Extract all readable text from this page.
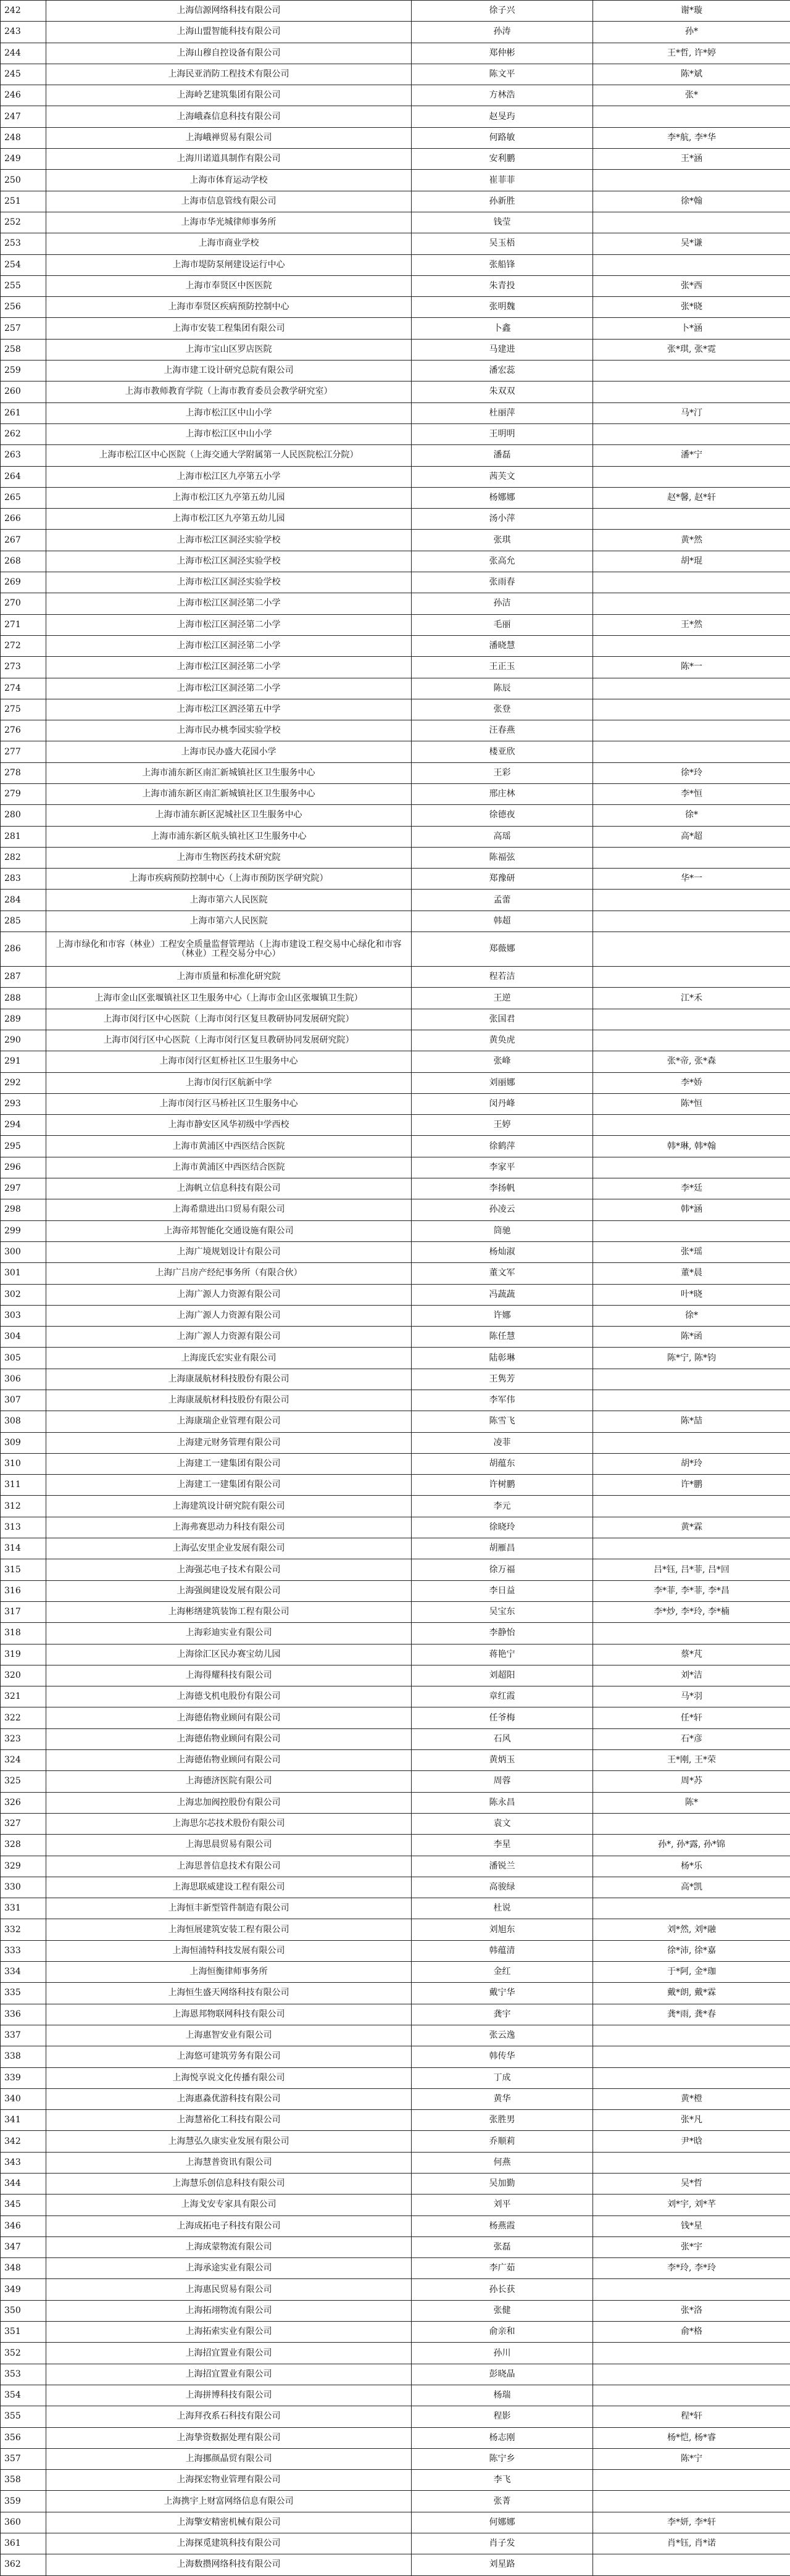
242	上海信源网络科技有限公司	徐子兴	谢*璇
243	上海山盟智能科技有限公司	孙涛	孙*
244	上海山穆自控设备有限公司	郑仲彬	王*哲, 许*婷
245	上海民亚消防工程技术有限公司	陈文平	陈*斌
246	上海岭艺建筑集团有限公司	方林浩	张*
247	上海峨森信息科技有限公司	赵旻玙	
248	上海峨禅贸易有限公司	何路敏	李*航, 李*华
249	上海川诺道具制作有限公司	安利鹏	王*涵
250	上海市体育运动学校	崔菲菲	
251	上海市信息管线有限公司	孙新胜	徐*翰
252	上海市华光城律师事务所	钱莹	
253	上海市商业学校	吴玉梧	吴*谦
254	上海市堤防泵闸建设运行中心	张船锋	
255	上海市奉贤区中医医院	朱青投	张*西
256	上海市奉贤区疾病预防控制中心	张明魏	张*晓
257	上海市安装工程集团有限公司	卜鑫	卜*涵
258	上海市宝山区罗店医院	马建进	张*琪, 张*霓
259	上海市建工设计研究总院有限公司	潘宏蕊	
260	上海市教师教育学院（上海市教育委员会教学研究室）	朱双双	
261	上海市松江区中山小学	杜丽萍	马*汀
262	上海市松江区中山小学	王明明	
263	上海市松江区中心医院（上海交通大学附属第一人民医院松江分院）	潘磊	潘*宁
264	上海市松江区九亭第五小学	茜芙文	
265	上海市松江区九亭第五幼儿园	杨娜娜	赵*馨, 赵*轩
266	上海市松江区九亭第五幼儿园	汤小萍	
267	上海市松江区洞泾实验学校	张琪	黄*然
268	上海市松江区洞泾实验学校	张高允	胡*琨
269	上海市松江区洞泾实验学校	张雨春	
270	上海市松江区洞泾第二小学	孙洁	
271	上海市松江区洞泾第二小学	毛丽	王*然
272	上海市松江区洞泾第二小学	潘晓慧	
273	上海市松江区洞泾第二小学	王正玉	陈*一
274	上海市松江区洞泾第二小学	陈辰	
275	上海市松江区泗泾第五中学	张登	
276	上海市民办桃李园实验学校	汪春燕	
277	上海市民办盛大花园小学	楼亚欣	
278	上海市浦东新区南汇新城镇社区卫生服务中心	王彩	徐*玲
279	上海市浦东新区南汇新城镇社区卫生服务中心	邢庄林	李*恒
280	上海市浦东新区泥城社区卫生服务中心	徐德夜	徐*
281	上海市浦东新区航头镇社区卫生服务中心	高瑶	高*超
282	上海市生物医药技术研究院	陈福弦	
283	上海市疾病预防控制中心（上海市预防医学研究院）	郑豫研	华*一
284	上海市第六人民医院	孟蕾	
285	上海市第六人民医院	韩超	
286	上海市绿化和市容（林业）工程安全质量监督管理站（上海市建设工程交易中心绿化和市容（林业）工程交易分中心）	郑薇娜	
287	上海市质量和标准化研究院	程若洁	
288	上海市金山区张堰镇社区卫生服务中心（上海市金山区张堰镇卫生院）	王逆	江*禾
289	上海市闵行区中心医院（上海市闵行区复旦教研协同发展研究院）	张国君	
290	上海市闵行区中心医院（上海市闵行区复旦教研协同发展研究院）	黄奂虎	
291	上海市闵行区虹桥社区卫生服务中心	张峰	张*帝, 张*森
292	上海市闵行区航新中学	刘丽娜	李*娇
293	上海市闵行区马桥社区卫生服务中心	闵丹峰	陈*恒
294	上海市静安区风华初级中学西校	王婷	
295	上海市黄浦区中西医结合医院	徐鹤萍	韩*琳, 韩*翰
296	上海市黄浦区中西医结合医院	李家平	
297	上海帆立信息科技有限公司	李扬帆	李*廷
298	上海希鼎进出口贸易有限公司	孙凌云	韩*涵
299	上海帝邦智能化交通设施有限公司	筒驰	
300	上海广境规划设计有限公司	杨灿淑	张*瑶
301	上海广吕房产经纪事务所（有限合伙）	董文军	董*晨
302	上海广源人力资源有限公司	冯蔬蔬	叶*晓
303	上海广源人力资源有限公司	许娜	徐*
304	上海广源人力资源有限公司	陈任慧	陈*函
305	上海庞氏宏实业有限公司	陆彰琳	陈*宁, 陈*钧
306	上海康晟航材科技股份有限公司	王隽芳	
307	上海康晟航材科技股份有限公司	李军伟	
308	上海康瑞企业管理有限公司	陈雪飞	陈*喆
309	上海建元财务管理有限公司	凌菲	
310	上海建工一建集团有限公司	胡蕴东	胡*玲
311	上海建工一建集团有限公司	许树鹏	许*鹏
312	上海建筑设计研究院有限公司	李元	
313	上海弗赛思动力科技有限公司	徐晓玲	黄*霖
314	上海弘安里企业发展有限公司	胡雁昌	
315	上海强芯电子技术有限公司	徐万福	吕*钰, 吕*菲, 吕*回
316	上海强闽建设发展有限公司	李日益	李*菲, 李*菲, 李*昌
317	上海彬缮建筑装饰工程有限公司	吴宝东	李*炒, 李*玲, 李*楠
318	上海彩迪实业有限公司	李静怡	
319	上海徐汇区民办赛宝幼儿园	蒋艳宁	蔡*芃
320	上海得耀科技有限公司	刘超阳	刘*洁
321	上海德戈机电股份有限公司	章红霞	马*羽
322	上海德佑物业顾问有限公司	任爷梅	任*轩
323	上海德佑物业顾问有限公司	石风	石*彦
324	上海德佑物业顾问有限公司	黄炳玉	王*刚, 王*荣
325	上海德济医院有限公司	周蓉	周*苏
326	上海忠加阀控股份有限公司	陈永昌	陈*
327	上海思尔芯技术股份有限公司	袁文	
328	上海思晨贸易有限公司	李星	孙*, 孙*露, 孙*锦
329	上海思普信息技术有限公司	潘锐兰	杨*乐
330	上海思联威建设工程有限公司	高骏绿	高*凯
331	上海恒丰新型管件制造有限公司	杜说	
332	上海恒展建筑安装工程有限公司	刘旭东	刘*然, 刘*融
333	上海恒浦特科技发展有限公司	韩蕴清	徐*沛, 徐*嘉
334	上海恒衡律师事务所	金红	于*阿, 金*珈
335	上海恒生盛天网络科技有限公司	戴宁华	戴*朗, 戴*霖
336	上海恩邦物联网科技有限公司	龚宇	龚*雨, 龚*春
337	上海惠智安业有限公司	张云逸	
338	上海悠可建筑劳务有限公司	韩传华	
339	上海悦享说文化传播有限公司	丁成	
340	上海惠淼优游科技有限公司	黄华	黄*橙
341	上海慧裕化工科技有限公司	张胜男	张*凡
342	上海慧弘久康实业发展有限公司	乔顺莉	尹*晗
343	上海慧普资讯有限公司	何燕	
344	上海慧乐创信息科技有限公司	吴加勤	吴*哲
345	上海戈安专家具有限公司	刘平	刘*宇, 刘*芊
346	上海成拓电子科技有限公司	杨燕霞	钱*星
347	上海成蒙物流有限公司	张磊	张*宇
348	上海承途实业有限公司	李广茹	李*玲, 李*玲
349	上海惠民贸易有限公司	孙长获	
350	上海拓翊物流有限公司	张健	张*洛
351	上海拓索实业有限公司	俞亲和	俞*格
352	上海招宜置业有限公司	孙川	
353	上海招宜置业有限公司	彭晓晶	
354	上海拼博科技有限公司	杨瑞	
355	上海拜孜系石科技有限公司	程影	程*轩
356	上海挚资数据处理有限公司	杨志刚	杨*恺, 杨*睿
357	上海挪颜晶贸有限公司	陈宁乡	陈*宁
358	上海探宏物业管理有限公司	李飞	
359	上海携宇上财富网络信息有限公司	张菁	
360	上海擎安精密机械有限公司	何娜娜	李*妍, 李*轩
361	上海探觅建筑科技有限公司	肖子发	肖*钰, 肖*诺
362	上海数攒网络科技有限公司	刘星路	
